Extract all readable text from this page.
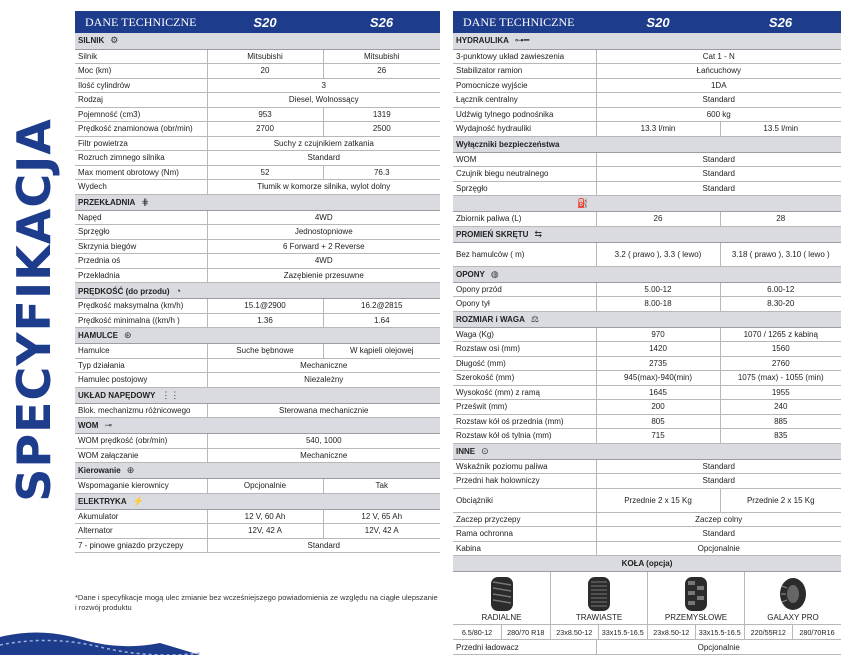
SPECYFIKACJA
DANE TECHNICZNE	S20	S26
SILNIK ⚙		
Silnik	Mitsubishi	Mitsubishi
Moc (km)	20	26
Ilość cylindrów	3	
Rodzaj	Diesel, Wolnossący	
Pojemność (cm3)	953	1319
Prędkość znamionowa (obr/min)	2700	2500
Filtr powietrza	Suchy z czujnikiem zatkania	
Rozruch zimnego silnika	Standard	
Max moment obrotowy (Nm)	52	76.3
Wydech	Tłumik w komorze silnika, wylot dolny	
PRZEKŁADNIA ⋕		
Napęd	4WD	
Sprzęgło	Jednostopniowe	
Skrzynia biegów	6 Forward + 2 Reverse	
Przednia oś	4WD	
Przekładnia	Zazębienie przesuwne	
PRĘDKOŚĆ (do przodu) ◔		
Prędkość maksymalna (km/h)	15.1@2900	16.2@2815
Prędkość minimalna ((km/h )	1.36	1.64
HAMULCE ⊛		
Hamulce	Suche bębnowe	W kąpieli olejowej
Typ działania	Mechaniczne	
Hamulec postojowy	Niezależny	
UKŁAD NAPĘDOWY ⋮⋮		
Blok. mechanizmu różnicowego	Sterowana mechanicznie	
WOM ⊸		
WOM prędkość (obr/min)	540, 1000	
WOM załączanie	Mechaniczne	
Kierowanie ⊕		
Wspomaganie kierownicy	Opcjonalnie	Tak
ELEKTRYKA ⚡		
Akumulator	12 V, 60 Ah	12 V, 65 Ah
Alternator	12V, 42 A	12V, 42 A
7 - pinowe gniazdo przyczepy	Standard	
*Dane i specyfikacje mogą ulec zmianie bez wcześniejszego powiadomienia ze względu na ciągłe ulepszanie i rozwój produktu
DANE TECHNICZNE	S20	S26
HYDRAULIKA ⊶━		
3-punktowy układ zawieszenia	Cat 1 - N	
Stabilizator ramion	Łańcuchowy	
Pomocnicze wyjście	1DA	
Łącznik centralny	Standard	
Udźwig tylnego podnośnika	600 kg	
Wydajność hydrauliki	13.3 l/min	13.5 l/min
Wyłączniki bezpieczeństwa		
WOM	Standard	
Czujnik biegu neutralnego	Standard	
Sprzęgło	Standard	
⛽		
Zbiornik paliwa (L)	26	28
PROMIEŃ SKRĘTU ⇆		
Bez hamulców ( m)	3.2 ( prawo ), 3.3 ( lewo)	3.18 ( prawo ), 3.10 ( lewo )
OPONY ◍		
Opony przód	5.00-12	6.00-12
Opony tył	8.00-18	8.30-20
ROZMIAR i WAGA ⚖		
Waga (Kg)	970	1070 / 1265 z kabiną
Rozstaw osi (mm)	1420	1560
Długość (mm)	2735	2760
Szerokość (mm)	945(max)-940(min)	1075 (max) - 1055 (min)
Wysokość (mm) z ramą	1645	1955
Prześwit (mm)	200	240
Rozstaw kół oś przednia (mm)	805	885
Rozstaw kół oś tylnia (mm)	715	835
INNE ⊙		
Wskaźnik poziomu paliwa	Standard	
Przedni hak holowniczy	Standard	
Obciążniki	Przednie 2 x 15 Kg	Przednie 2 x 15 Kg
Zaczep przyczepy	Zaczep colny	
Rama ochronna	Standard	
Kabina	Opcjonalnie	
KOŁA (opcja)		
RADIALNE	TRAWIASTE	PRZEMYSŁOWE	GALAXY PRO
6.5/80-12	280/70 R18	23x8.50-12	33x15.5-16.5	23x8.50-12	33x15.5-16.5	220/55R12	280/70R16
Przedni ładowacz	Opcjonalnie
